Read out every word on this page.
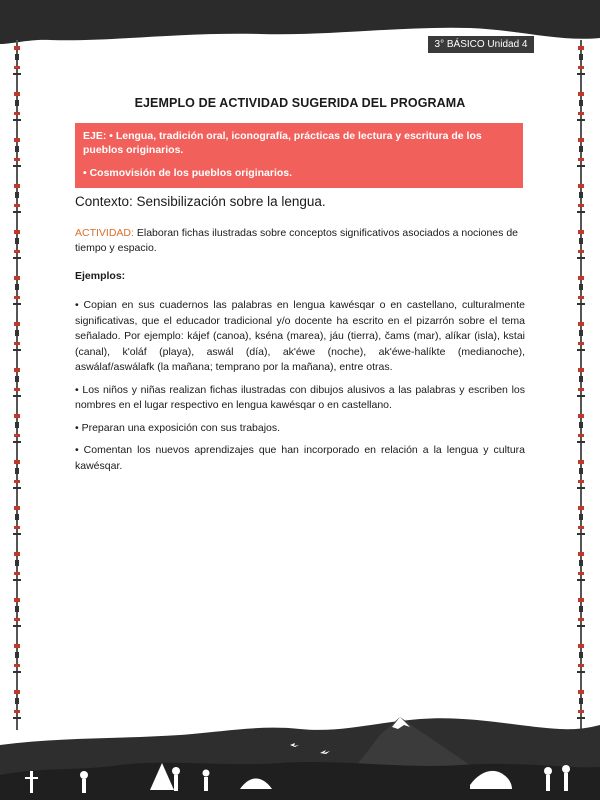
3° BÁSICO Unidad 4
EJEMPLO DE ACTIVIDAD SUGERIDA DEL PROGRAMA

EJE: • Lengua, tradición oral, iconografía, prácticas de lectura y escritura de los pueblos originarios.

• Cosmovisión de los pueblos originarios.

Contexto: Sensibilización sobre la lengua.
ACTIVIDAD: Elaboran fichas ilustradas sobre conceptos significativos asociados a nociones de tiempo y espacio.
Ejemplos:

• Copian en sus cuadernos las palabras en lengua kawésqar o en castellano, culturalmente significativas, que el educador tradicional y/o docente ha escrito en el pizarrón sobre el tema señalado. Por ejemplo: kájef (canoa), kséna (marea), jáu (tierra), čams (mar), alíkar (isla), kstai (canal), k'oláf (playa), aswál (día), ak'éwe (noche), ak'éwe-halíkte (medianoche), aswálaf/aswálafk (la mañana; temprano por la mañana), entre otras.

• Los niños y niñas realizan fichas ilustradas con dibujos alusivos a las palabras y escriben los nombres en el lugar respectivo en lengua kawésqar o en castellano.

• Preparan una exposición con sus trabajos.

• Comentan los nuevos aprendizajes que han incorporado en relación a la lengua y cultura kawésqar.
